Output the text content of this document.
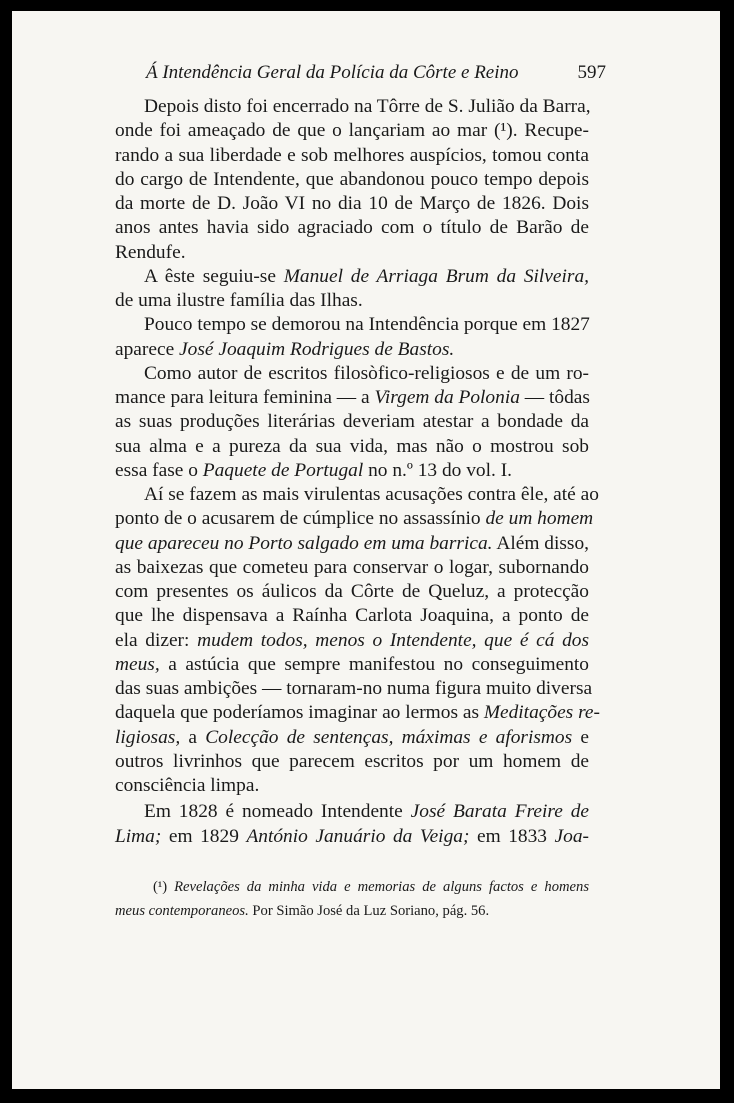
Á Intendência Geral da Polícia da Côrte e Reino	597
Depois disto foi encerrado na Tôrre de S. Julião da Barra,
onde foi ameaçado de que o lançariam ao mar (¹). Recupe-
rando a sua liberdade e sob melhores auspícios, tomou conta
do cargo de Intendente, que abandonou pouco tempo depois
da morte de D. João VI no dia 10 de Março de 1826. Dois
anos antes havia sido agraciado com o título de Barão de
Rendufe.
A êste seguiu-se Manuel de Arriaga Brum da Silveira,
de uma ilustre família das Ilhas.
Pouco tempo se demorou na Intendência porque em 1827
aparece José Joaquim Rodrigues de Bastos.
Como autor de escritos filosòfico-religiosos e de um ro-
mance para leitura feminina — a Virgem da Polonia — tôdas
as suas produções literárias deveriam atestar a bondade da
sua alma e a pureza da sua vida, mas não o mostrou sob
essa fase o Paquete de Portugal no n.º 13 do vol. I.
Aí se fazem as mais virulentas acusações contra êle, até ao
ponto de o acusarem de cúmplice no assassínio de um homem
que apareceu no Porto salgado em uma barrica. Além disso,
as baixezas que cometeu para conservar o logar, subornando
com presentes os áulicos da Côrte de Queluz, a protecção
que lhe dispensava a Raínha Carlota Joaquina, a ponto de
ela dizer: mudem todos, menos o Intendente, que é cá dos
meus, a astúcia que sempre manifestou no conseguimento
das suas ambições — tornaram-no numa figura muito diversa
daquela que poderíamos imaginar ao lermos as Meditações re-
ligiosas, a Colecção de sentenças, máximas e aforismos e
outros livrinhos que parecem escritos por um homem de
consciência limpa.
Em 1828 é nomeado Intendente José Barata Freire de
Lima; em 1829 António Januário da Veiga; em 1833 Joa-
(¹) Revelações da minha vida e memorias de alguns factos e homens
meus contemporaneos. Por Simão José da Luz Soriano, pág. 56.
